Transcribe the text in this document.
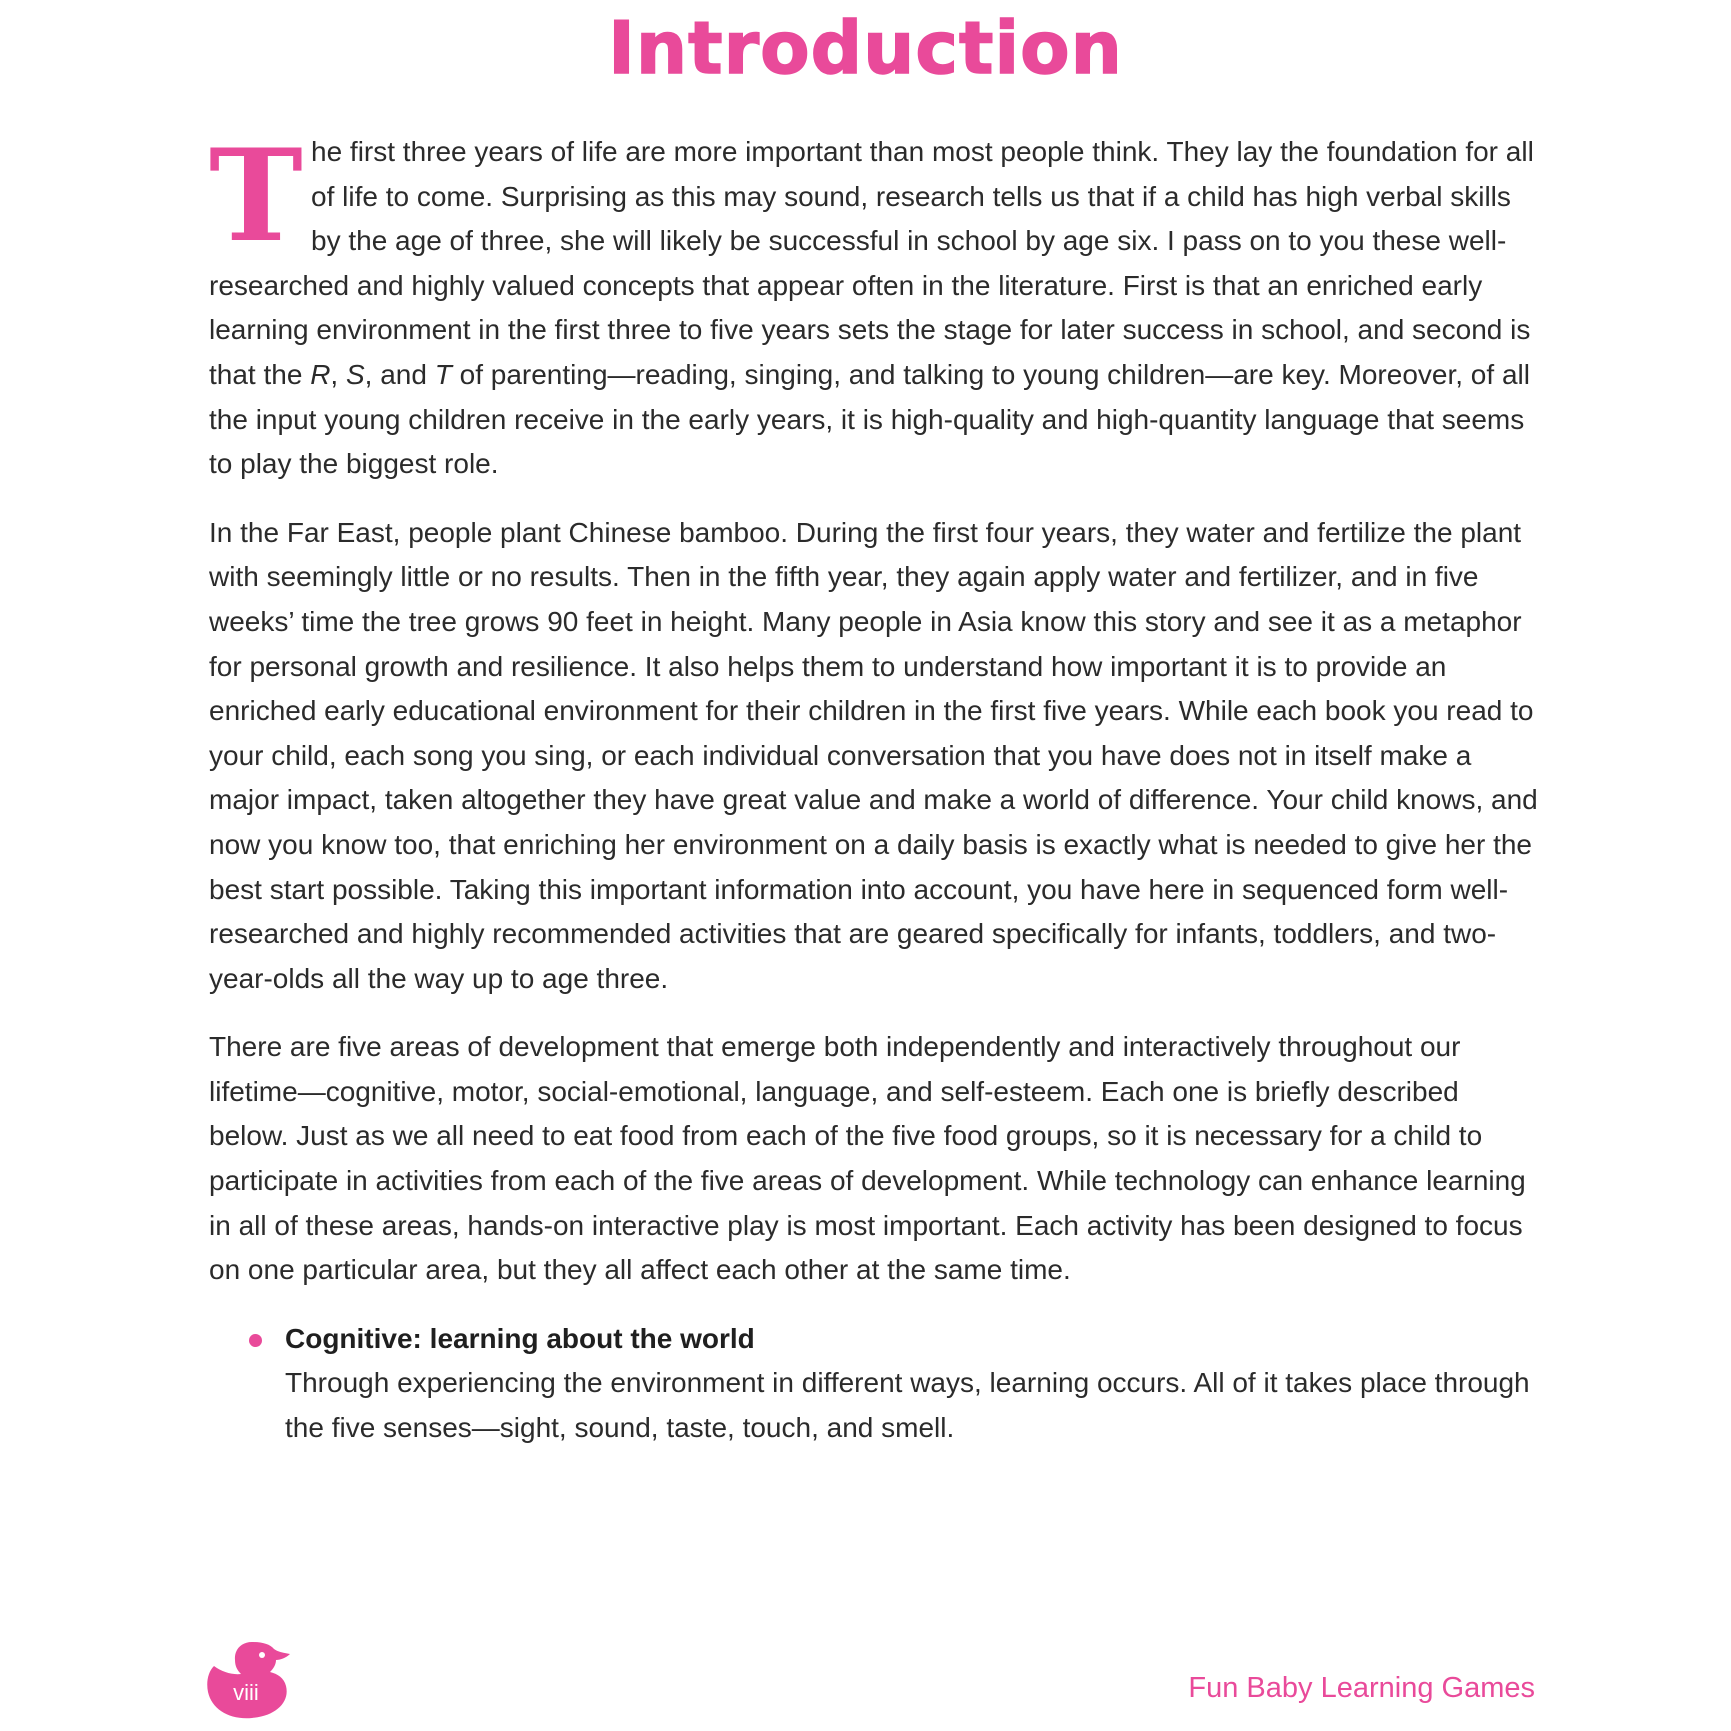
Introduction

The first three years of life are more important than most people think. They lay the foundation for all of life to come. Surprising as this may sound, research tells us that if a child has high verbal skills by the age of three, she will likely be successful in school by age six. I pass on to you these well-researched and highly valued concepts that appear often in the literature. First is that an enriched early learning environment in the first three to five years sets the stage for later success in school, and second is that the R, S, and T of parenting—reading, singing, and talking to young children—are key. Moreover, of all the input young children receive in the early years, it is high-quality and high-quantity language that seems to play the biggest role.

In the Far East, people plant Chinese bamboo. During the first four years, they water and fertilize the plant with seemingly little or no results. Then in the fifth year, they again apply water and fertilizer, and in five weeks’ time the tree grows 90 feet in height. Many people in Asia know this story and see it as a metaphor for personal growth and resilience. It also helps them to understand how important it is to provide an enriched early educational environment for their children in the first five years. While each book you read to your child, each song you sing, or each individual conversation that you have does not in itself make a major impact, taken altogether they have great value and make a world of difference. Your child knows, and now you know too, that enriching her environment on a daily basis is exactly what is needed to give her the best start possible. Taking this important information into account, you have here in sequenced form well-researched and highly recommended activities that are geared specifically for infants, toddlers, and two-year-olds all the way up to age three.

There are five areas of development that emerge both independently and interactively throughout our lifetime—cognitive, motor, social-emotional, language, and self-esteem. Each one is briefly described below. Just as we all need to eat food from each of the five food groups, so it is necessary for a child to participate in activities from each of the five areas of development. While technology can enhance learning in all of these areas, hands-on interactive play is most important. Each activity has been designed to focus on one particular area, but they all affect each other at the same time.

Cognitive: learning about the world
Through experiencing the environment in different ways, learning occurs. All of it takes place through the five senses—sight, sound, taste, touch, and smell.
viii	Fun Baby Learning Games
